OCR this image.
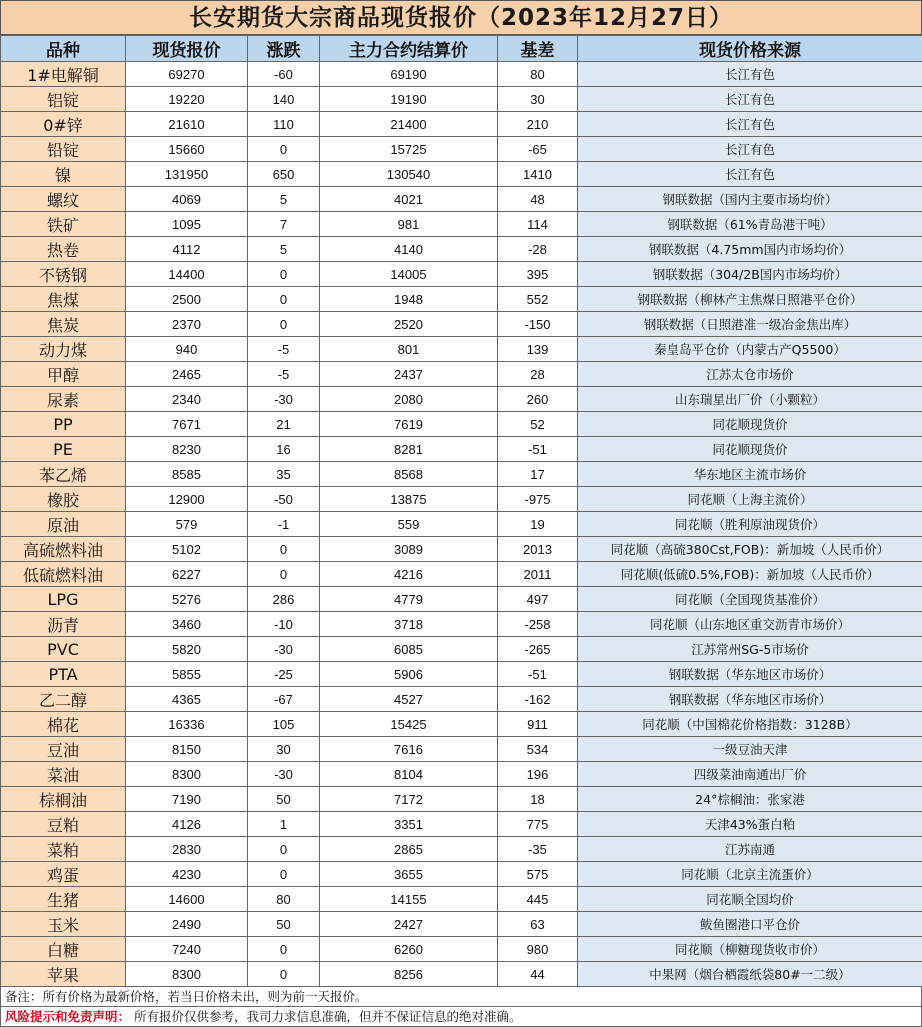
长安期货大宗商品现货报价（2023年12月27日）
品种	现货报价	涨跌	主力合约结算价	基差	现货价格来源
1#电解铜	69270	-60	69190	80	长江有色
铝锭	19220	140	19190	30	长江有色
0#锌	21610	110	21400	210	长江有色
铅锭	15660	0	15725	-65	长江有色
镍	131950	650	130540	1410	长江有色
螺纹	4069	5	4021	48	钢联数据（国内主要市场均价）
铁矿	1095	7	981	114	钢联数据（61%青岛港干吨）
热卷	4112	5	4140	-28	钢联数据（4.75mm国内市场均价）
不锈钢	14400	0	14005	395	钢联数据（304/2B国内市场均价）
焦煤	2500	0	1948	552	钢联数据（柳林产主焦煤日照港平仓价）
焦炭	2370	0	2520	-150	钢联数据（日照港准一级冶金焦出库）
动力煤	940	-5	801	139	秦皇岛平仓价（内蒙古产Q5500）
甲醇	2465	-5	2437	28	江苏太仓市场价
尿素	2340	-30	2080	260	山东瑞星出厂价（小颗粒）
PP	7671	21	7619	52	同花顺现货价
PE	8230	16	8281	-51	同花顺现货价
苯乙烯	8585	35	8568	17	华东地区主流市场价
橡胶	12900	-50	13875	-975	同花顺（上海主流价）
原油	579	-1	559	19	同花顺（胜利原油现货价）
高硫燃料油	5102	0	3089	2013	同花顺（高硫380Cst,FOB)：新加坡（人民币价）
低硫燃料油	6227	0	4216	2011	同花顺(低硫0.5%,FOB)：新加坡（人民币价）
LPG	5276	286	4779	497	同花顺（全国现货基准价）
沥青	3460	-10	3718	-258	同花顺（山东地区重交沥青市场价）
PVC	5820	-30	6085	-265	江苏常州SG-5市场价
PTA	5855	-25	5906	-51	钢联数据（华东地区市场价）
乙二醇	4365	-67	4527	-162	钢联数据（华东地区市场价）
棉花	16336	105	15425	911	同花顺（中国棉花价格指数：3128B）
豆油	8150	30	7616	534	一级豆油天津
菜油	8300	-30	8104	196	四级菜油南通出厂价
棕榈油	7190	50	7172	18	24°棕榈油：张家港
豆粕	4126	1	3351	775	天津43%蛋白粕
菜粕	2830	0	2865	-35	江苏南通
鸡蛋	4230	0	3655	575	同花顺（北京主流蛋价）
生猪	14600	80	14155	445	同花顺全国均价
玉米	2490	50	2427	63	鲅鱼圈港口平仓价
白糖	7240	0	6260	980	同花顺（柳糖现货收市价）
苹果	8300	0	8256	44	中果网（烟台栖霞纸袋80#一二级）
备注：所有价格为最新价格，若当日价格未出，则为前一天报价。
风险提示和免责声明： 所有报价仅供参考，我司力求信息准确，但并不保证信息的绝对准确。
